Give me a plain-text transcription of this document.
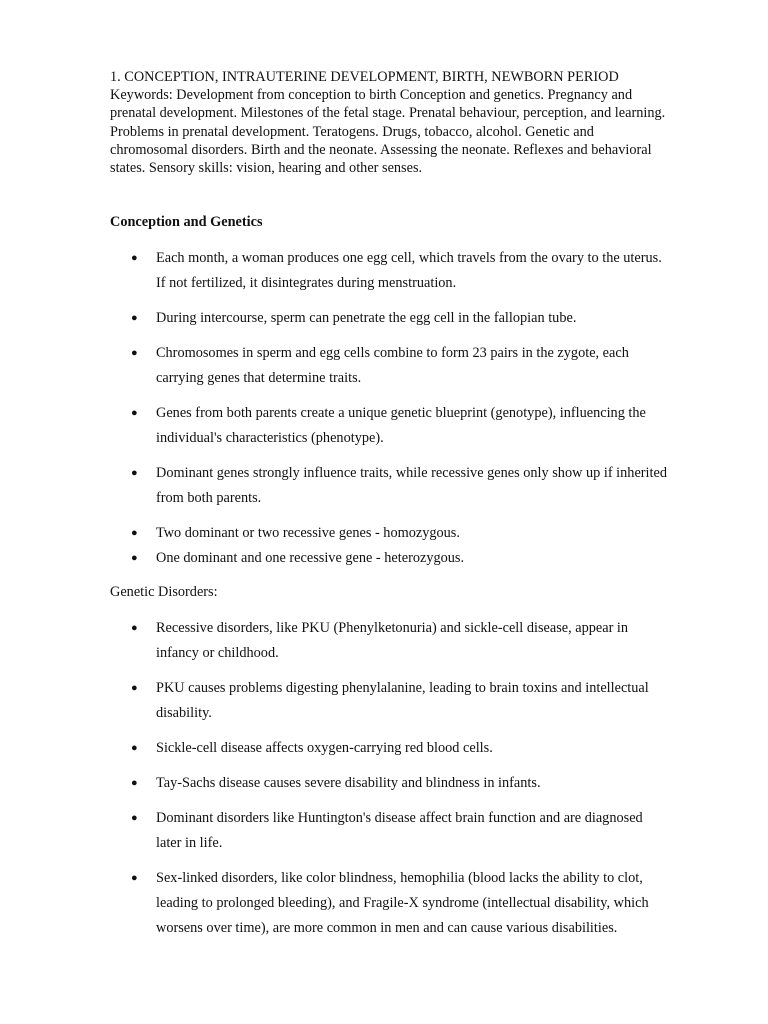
1. CONCEPTION, INTRAUTERINE DEVELOPMENT, BIRTH, NEWBORN PERIOD
Keywords: Development from conception to birth Conception and genetics. Pregnancy and
prenatal development. Milestones of the fetal stage. Prenatal behaviour, perception, and learning.
Problems in prenatal development. Teratogens. Drugs, tobacco, alcohol. Genetic and
chromosomal disorders. Birth and the neonate. Assessing the neonate. Reflexes and behavioral
states. Sensory skills: vision, hearing and other senses.

Conception and Genetics
● Each month, a woman produces one egg cell, which travels from the ovary to the uterus.
If not fertilized, it disintegrates during menstruation.
● During intercourse, sperm can penetrate the egg cell in the fallopian tube.
● Chromosomes in sperm and egg cells combine to form 23 pairs in the zygote, each
carrying genes that determine traits.
● Genes from both parents create a unique genetic blueprint (genotype), influencing the
individual's characteristics (phenotype).
● Dominant genes strongly influence traits, while recessive genes only show up if inherited
from both parents.
● Two dominant or two recessive genes - homozygous.
● One dominant and one recessive gene - heterozygous.

Genetic Disorders:

● Recessive disorders, like PKU (Phenylketonuria) and sickle-cell disease, appear in
infancy or childhood.
● PKU causes problems digesting phenylalanine, leading to brain toxins and intellectual
disability.
● Sickle-cell disease affects oxygen-carrying red blood cells.
● Tay-Sachs disease causes severe disability and blindness in infants.
● Dominant disorders like Huntington's disease affect brain function and are diagnosed
later in life.
● Sex-linked disorders, like color blindness, hemophilia (blood lacks the ability to clot,
leading to prolonged bleeding), and Fragile-X syndrome (intellectual disability, which
worsens over time), are more common in men and can cause various disabilities.
